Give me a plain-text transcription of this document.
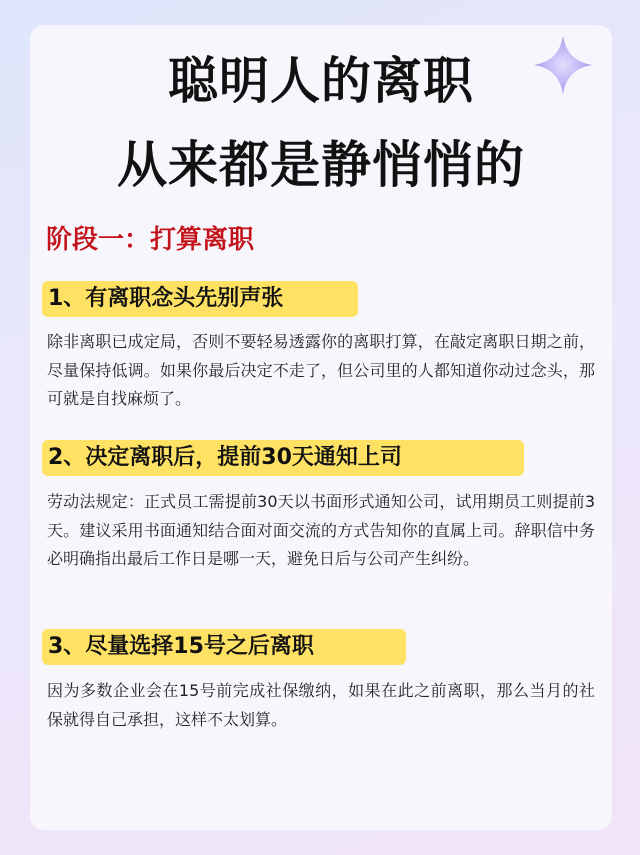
聪明人的离职
从来都是静悄悄的
阶段一：打算离职
1、有离职念头先别声张
除非离职已成定局，否则不要轻易透露你的离职打算，在敲定离职日期之前，尽量保持低调。如果你最后决定不走了，但公司里的人都知道你动过念头，那可就是自找麻烦了。
2、决定离职后，提前30天通知上司
劳动法规定：正式员工需提前30天以书面形式通知公司，试用期员工则提前3天。建议采用书面通知结合面对面交流的方式告知你的直属上司。辞职信中务必明确指出最后工作日是哪一天，避免日后与公司产生纠纷。
3、尽量选择15号之后离职
因为多数企业会在15号前完成社保缴纳，如果在此之前离职，那么当月的社保就得自己承担，这样不太划算。
